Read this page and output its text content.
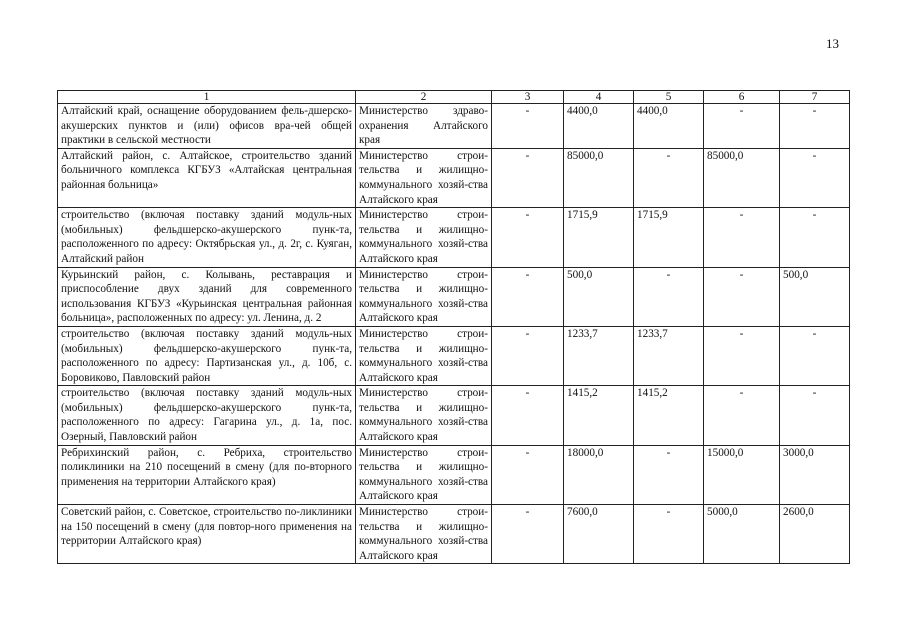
13
1	2	3	4	5	6	7
Алтайский край, оснащение оборудованием фель-дшерско-акушерских пунктов и (или) офисов вра-чей общей практики в сельской местности	Министерство здраво-охранения Алтайского края	-	4400,0	4400,0	-	-
Алтайский район, с. Алтайское, строительство зданий больничного комплекса КГБУЗ «Алтайская центральная районная больница»	Министерство строи-тельства и жилищно-коммунального хозяй-ства Алтайского края	-	85000,0	-	85000,0	-
строительство (включая поставку зданий модуль-ных (мобильных) фельдшерско-акушерского пунк-та, расположенного по адресу: Октябрьская ул., д. 2г, с. Куяган, Алтайский район	Министерство строи-тельства и жилищно-коммунального хозяй-ства Алтайского края	-	1715,9	1715,9	-	-
Курьинский район, с. Колывань, реставрация и приспособление двух зданий для современного использования КГБУЗ «Курьинская центральная районная больница», расположенных по адресу: ул. Ленина, д. 2	Министерство строи-тельства и жилищно-коммунального хозяй-ства Алтайского края	-	500,0	-	-	500,0
строительство (включая поставку зданий модуль-ных (мобильных) фельдшерско-акушерского пунк-та, расположенного по адресу: Партизанская ул., д. 10б, с. Боровиково, Павловский район	Министерство строи-тельства и жилищно-коммунального хозяй-ства Алтайского края	-	1233,7	1233,7	-	-
строительство (включая поставку зданий модуль-ных (мобильных) фельдшерско-акушерского пунк-та, расположенного по адресу: Гагарина ул., д. 1а, пос. Озерный, Павловский район	Министерство строи-тельства и жилищно-коммунального хозяй-ства Алтайского края	-	1415,2	1415,2	-	-
Ребрихинский район, с. Ребриха, строительство поликлиники на 210 посещений в смену (для по-вторного применения на территории Алтайского края)	Министерство строи-тельства и жилищно-коммунального хозяй-ства Алтайского края	-	18000,0	-	15000,0	3000,0
Советский район, с. Советское, строительство по-ликлиники на 150 посещений в смену (для повтор-ного применения на территории Алтайского края)	Министерство строи-тельства и жилищно-коммунального хозяй-ства Алтайского края	-	7600,0	-	5000,0	2600,0
